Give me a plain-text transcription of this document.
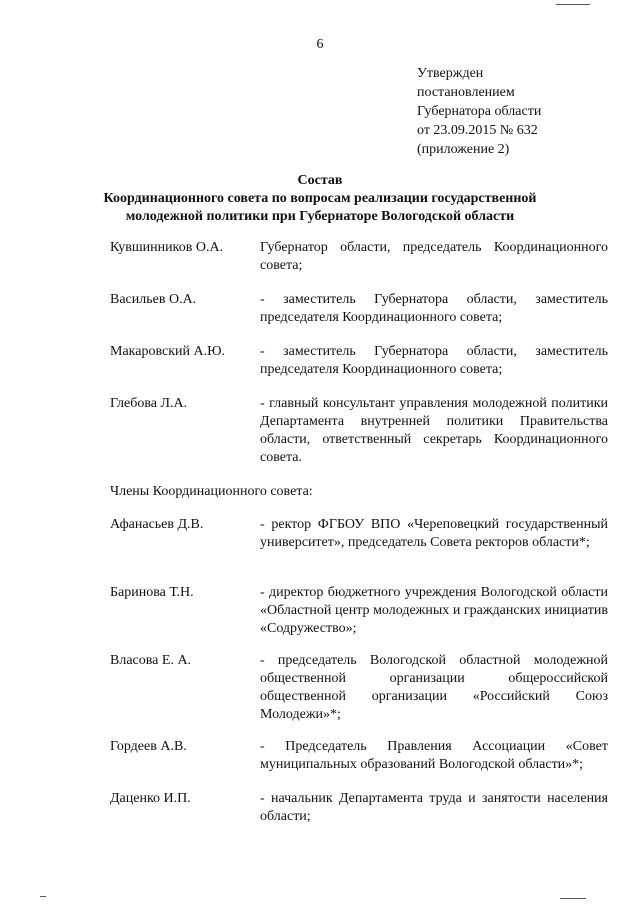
6
Утвержден
постановлением
Губернатора области
от 23.09.2015 № 632
(приложение 2)
Состав
Координационного совета по вопросам реализации государственной
молодежной политики при Губернаторе Вологодской области
Кувшинников О.А.	Губернатор области, председатель Координационного совета;
Васильев О.А.	- заместитель Губернатора области, заместитель председателя Координационного совета;
Макаровский А.Ю.	- заместитель Губернатора области, заместитель председателя Координационного совета;
Глебова Л.А.	- главный консультант управления молодежной политики Департамента внутренней политики Правительства области, ответственный секретарь Координационного совета.
Члены Координационного совета:
Афанасьев Д.В.	- ректор ФГБОУ ВПО «Череповецкий государственный университет», председатель Совета ректоров области*;
Баринова Т.Н.	- директор бюджетного учреждения Вологодской области «Областной центр молодежных и гражданских инициатив «Содружество»;
Власова Е. А.	- председатель Вологодской областной молодежной общественной организации общероссийской общественной организации «Российский Союз Молодежи»*;
Гордеев А.В.	- Председатель Правления Ассоциации «Совет муниципальных образований Вологодской области»*;
Даценко И.П.	- начальник Департамента труда и занятости населения области;
